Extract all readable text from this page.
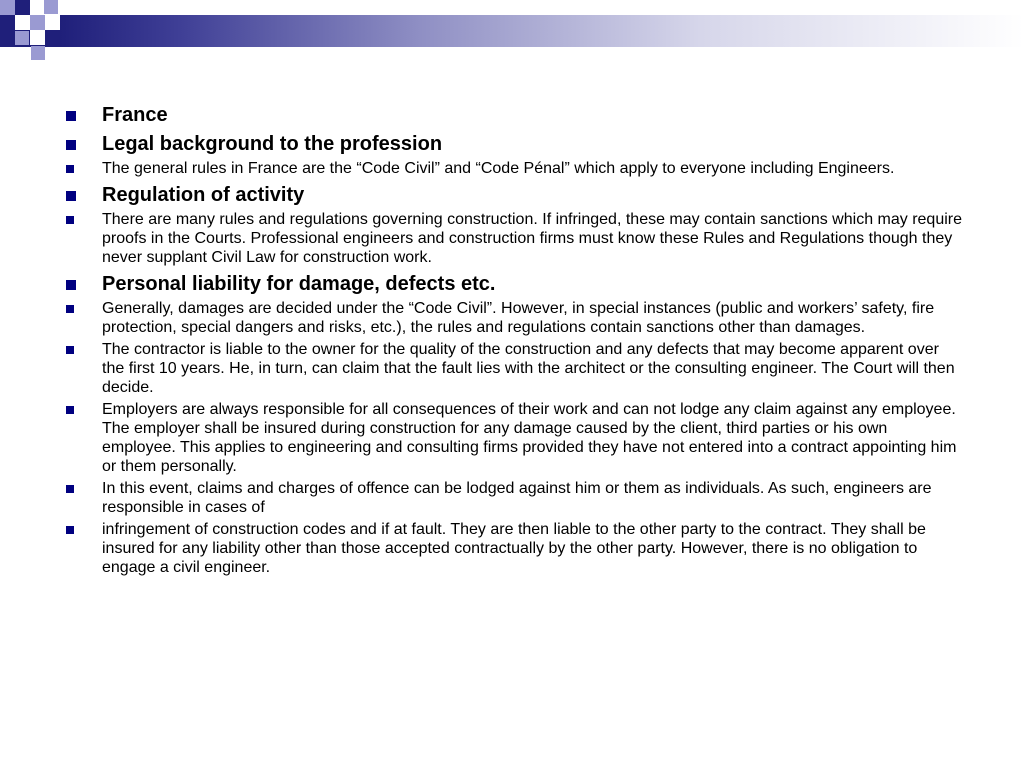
France
Legal background to the profession
The general rules in France are the “Code Civil” and “Code Pénal” which apply to everyone including Engineers.
Regulation of activity
There are many rules and regulations governing construction. If infringed, these may contain sanctions which may require proofs in the Courts. Professional engineers and construction firms must know these Rules and Regulations though they never supplant Civil Law for construction work.
Personal liability for damage, defects etc.
Generally, damages are decided under the “Code Civil”. However, in special instances (public and workers’ safety, fire protection, special dangers and risks, etc.), the rules and regulations contain sanctions other than damages.
The contractor is liable to the owner for the quality of the construction and any defects that may become apparent over the first 10 years. He, in turn, can claim that the fault lies with the architect or the consulting engineer. The Court will then decide.
Employers are always responsible for all consequences of their work and can not lodge any claim against any employee. The employer shall be insured during construction for any damage caused by the client, third parties or his own employee. This applies to engineering and consulting firms provided they have not entered into a contract appointing him or them personally.
In this event, claims and charges of offence can be lodged against him or them as individuals. As such, engineers are responsible in cases of
infringement of construction codes and if at fault. They are then liable to the other party to the contract. They shall be insured for any liability other than those accepted contractually by the other party. However, there is no obligation to engage a civil engineer.
